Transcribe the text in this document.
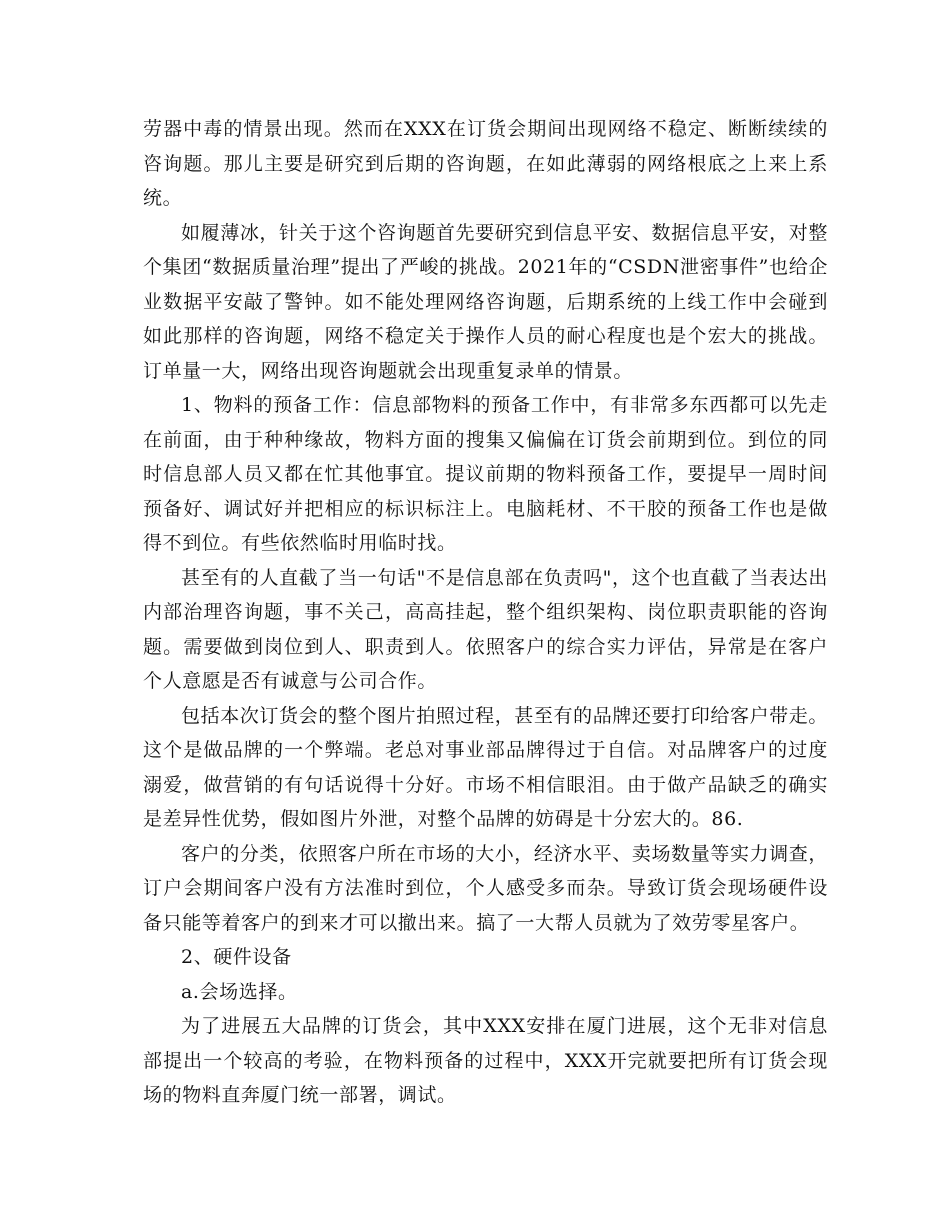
劳器中毒的情景出现。然而在XXX在订货会期间出现网络不稳定、断断续续的咨询题。那儿主要是研究到后期的咨询题，在如此薄弱的网络根底之上来上系统。

如履薄冰，针关于这个咨询题首先要研究到信息平安、数据信息平安，对整个集团“数据质量治理”提出了严峻的挑战。2021年的“CSDN泄密事件”也给企业数据平安敲了警钟。如不能处理网络咨询题，后期系统的上线工作中会碰到如此那样的咨询题，网络不稳定关于操作人员的耐心程度也是个宏大的挑战。订单量一大，网络出现咨询题就会出现重复录单的情景。

1、物料的预备工作：信息部物料的预备工作中，有非常多东西都可以先走在前面，由于种种缘故，物料方面的搜集又偏偏在订货会前期到位。到位的同时信息部人员又都在忙其他事宜。提议前期的物料预备工作，要提早一周时间预备好、调试好并把相应的标识标注上。电脑耗材、不干胶的预备工作也是做得不到位。有些依然临时用临时找。

甚至有的人直截了当一句话"不是信息部在负责吗"，这个也直截了当表达出内部治理咨询题，事不关己，高高挂起，整个组织架构、岗位职责职能的咨询题。需要做到岗位到人、职责到人。依照客户的综合实力评估，异常是在客户个人意愿是否有诚意与公司合作。

包括本次订货会的整个图片拍照过程，甚至有的品牌还要打印给客户带走。这个是做品牌的一个弊端。老总对事业部品牌得过于自信。对品牌客户的过度溺爱，做营销的有句话说得十分好。市场不相信眼泪。由于做产品缺乏的确实是差异性优势，假如图片外泄，对整个品牌的妨碍是十分宏大的。86.

客户的分类，依照客户所在市场的大小，经济水平、卖场数量等实力调查，订户会期间客户没有方法准时到位，个人感受多而杂。导致订货会现场硬件设备只能等着客户的到来才可以撤出来。搞了一大帮人员就为了效劳零星客户。

2、硬件设备

a.会场选择。

为了进展五大品牌的订货会，其中XXX安排在厦门进展，这个无非对信息部提出一个较高的考验，在物料预备的过程中，XXX开完就要把所有订货会现场的物料直奔厦门统一部署，调试。
